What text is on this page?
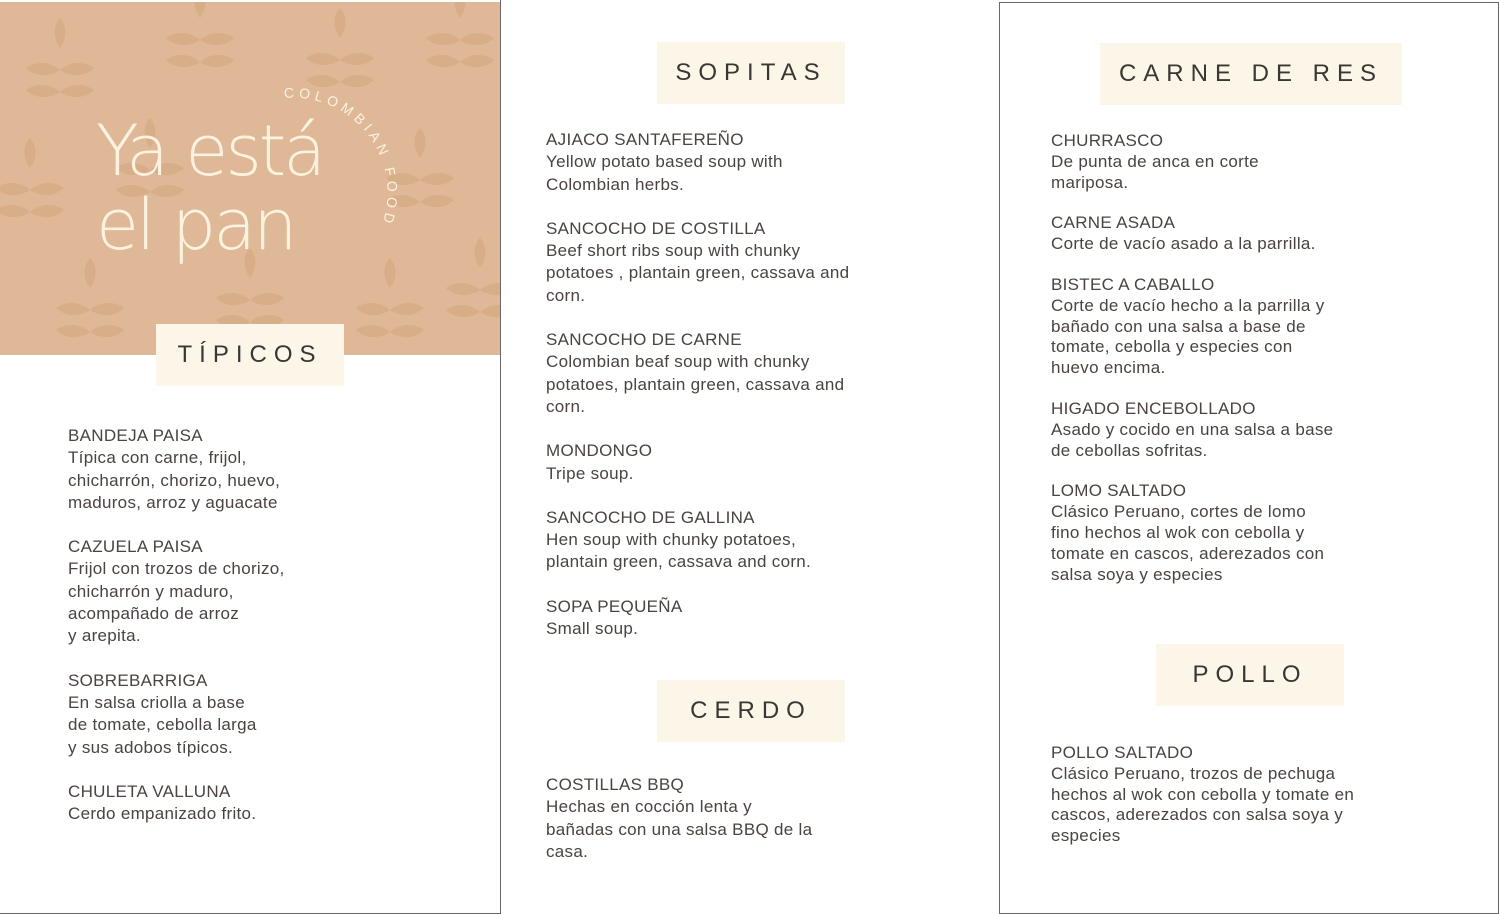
Ya está
el pan
COLOMBIAN FOOD
TÍPICOS
BANDEJA PAISA
Típica con carne, frijol,
chicharrón, chorizo, huevo,
maduros, arroz y aguacate
CAZUELA PAISA
Frijol con trozos de chorizo,
chicharrón y maduro,
acompañado de arroz
y arepita.
SOBREBARRIGA
En salsa criolla a base
de tomate, cebolla larga
y sus adobos típicos.
CHULETA VALLUNA
Cerdo empanizado frito.
SOPITAS
AJIACO SANTAFEREÑO
Yellow potato based soup with
Colombian herbs.
SANCOCHO DE COSTILLA
Beef short ribs soup with chunky
potatoes , plantain green, cassava and
corn.
SANCOCHO DE CARNE
Colombian beaf soup with chunky
potatoes, plantain green, cassava and
corn.
MONDONGO
Tripe soup.
SANCOCHO DE GALLINA
Hen soup with chunky potatoes,
plantain green, cassava and corn.
SOPA PEQUEÑA
Small soup.
CERDO
COSTILLAS BBQ
Hechas en cocción lenta y
bañadas con una salsa BBQ de la
casa.
CARNE DE RES
CHURRASCO
De punta de anca en corte
mariposa.
CARNE ASADA
Corte de vacío asado a la parrilla.
BISTEC A CABALLO
Corte de vacío hecho a la parrilla y
bañado con una salsa a base de
tomate, cebolla y especies con
huevo encima.
HIGADO ENCEBOLLADO
Asado y cocido en una salsa a base
de cebollas sofritas.
LOMO SALTADO
Clásico Peruano, cortes de lomo
fino hechos al wok con cebolla y
tomate en cascos, aderezados con
salsa soya y especies
POLLO
POLLO SALTADO
Clásico Peruano, trozos de pechuga
hechos al wok con cebolla y tomate en
cascos, aderezados con salsa soya y
especies
